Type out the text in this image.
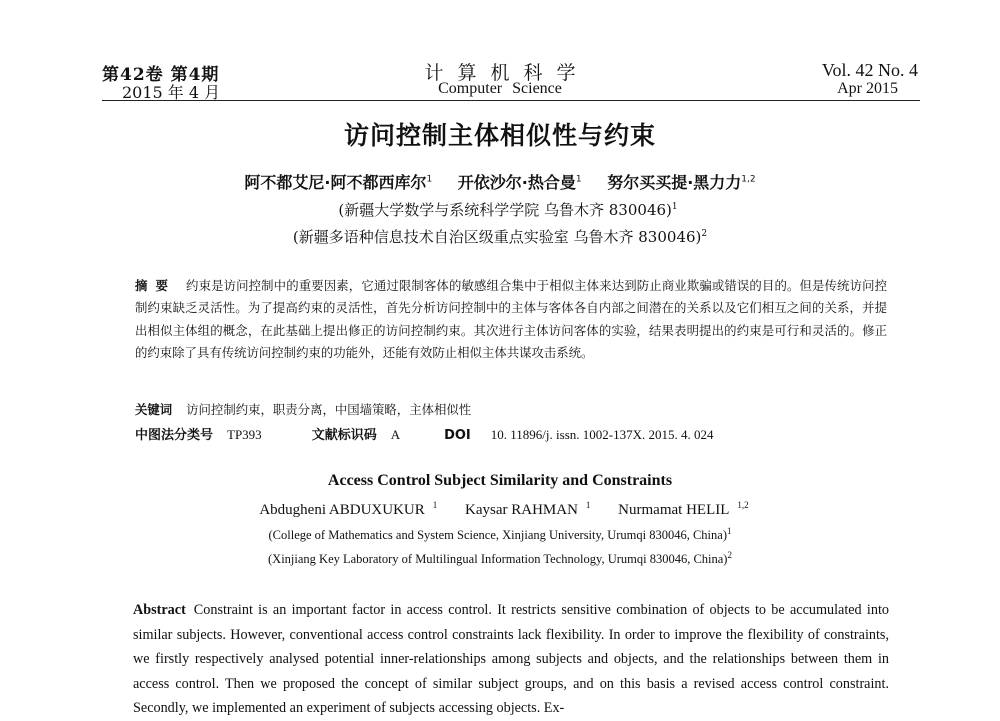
第42卷 第4期
2015 年 4 月
计算机科学
Computer Science
Vol. 42 No. 4
Apr 2015
访问控制主体相似性与约束
阿不都艾尼·阿不都西库尔$^1$ 开依沙尔·热合曼$^1$ 努尔买买提·黑力力$^{1,2}$
(新疆大学数学与系统科学学院 乌鲁木齐 830046)$^1$
(新疆多语种信息技术自治区级重点实验室 乌鲁木齐 830046)$^2$
摘要 约束是访问控制中的重要因素，它通过限制客体的敏感组合集中于相似主体来达到防止商业欺骗或错误的目的。但是传统访问控制约束缺乏灵活性。为了提高约束的灵活性，首先分析访问控制中的主体与客体各自内部之间潜在的关系以及它们相互之间的关系，并提出相似主体组的概念，在此基础上提出修正的访问控制约束。其次进行主体访问客体的实验，结果表明提出的约束是可行和灵活的。修正的约束除了具有传统访问控制约束的功能外，还能有效防止相似主体共谋攻击系统。
关键词 访问控制约束，职责分离，中国墙策略，主体相似性
中图法分类号 TP393	文献标识码 A	DOI 10. 11896/j. issn. 1002-137X. 2015. 4. 024
Access Control Subject Similarity and Constraints
Abdugheni ABDUXUKUR $^1$ Kaysar RAHMAN $^1$ Nurmamat HELIL $^{1,2}$
(College of Mathematics and System Science, Xinjiang University, Urumqi 830046, China)$^1$
(Xinjiang Key Laboratory of Multilingual Information Technology, Urumqi 830046, China)$^2$
Abstract Constraint is an important factor in access control. It restricts sensitive combination of objects to be accumulated into similar subjects. However, conventional access control constraints lack flexibility. In order to improve the flexibility of constraints, we firstly respectively analysed potential inner-relationships among subjects and objects, and the relationships between them in access control. Then we proposed the concept of similar subject groups, and on this basis a revised access control constraint. Secondly, we implemented an experiment of subjects accessing objects. Ex-
